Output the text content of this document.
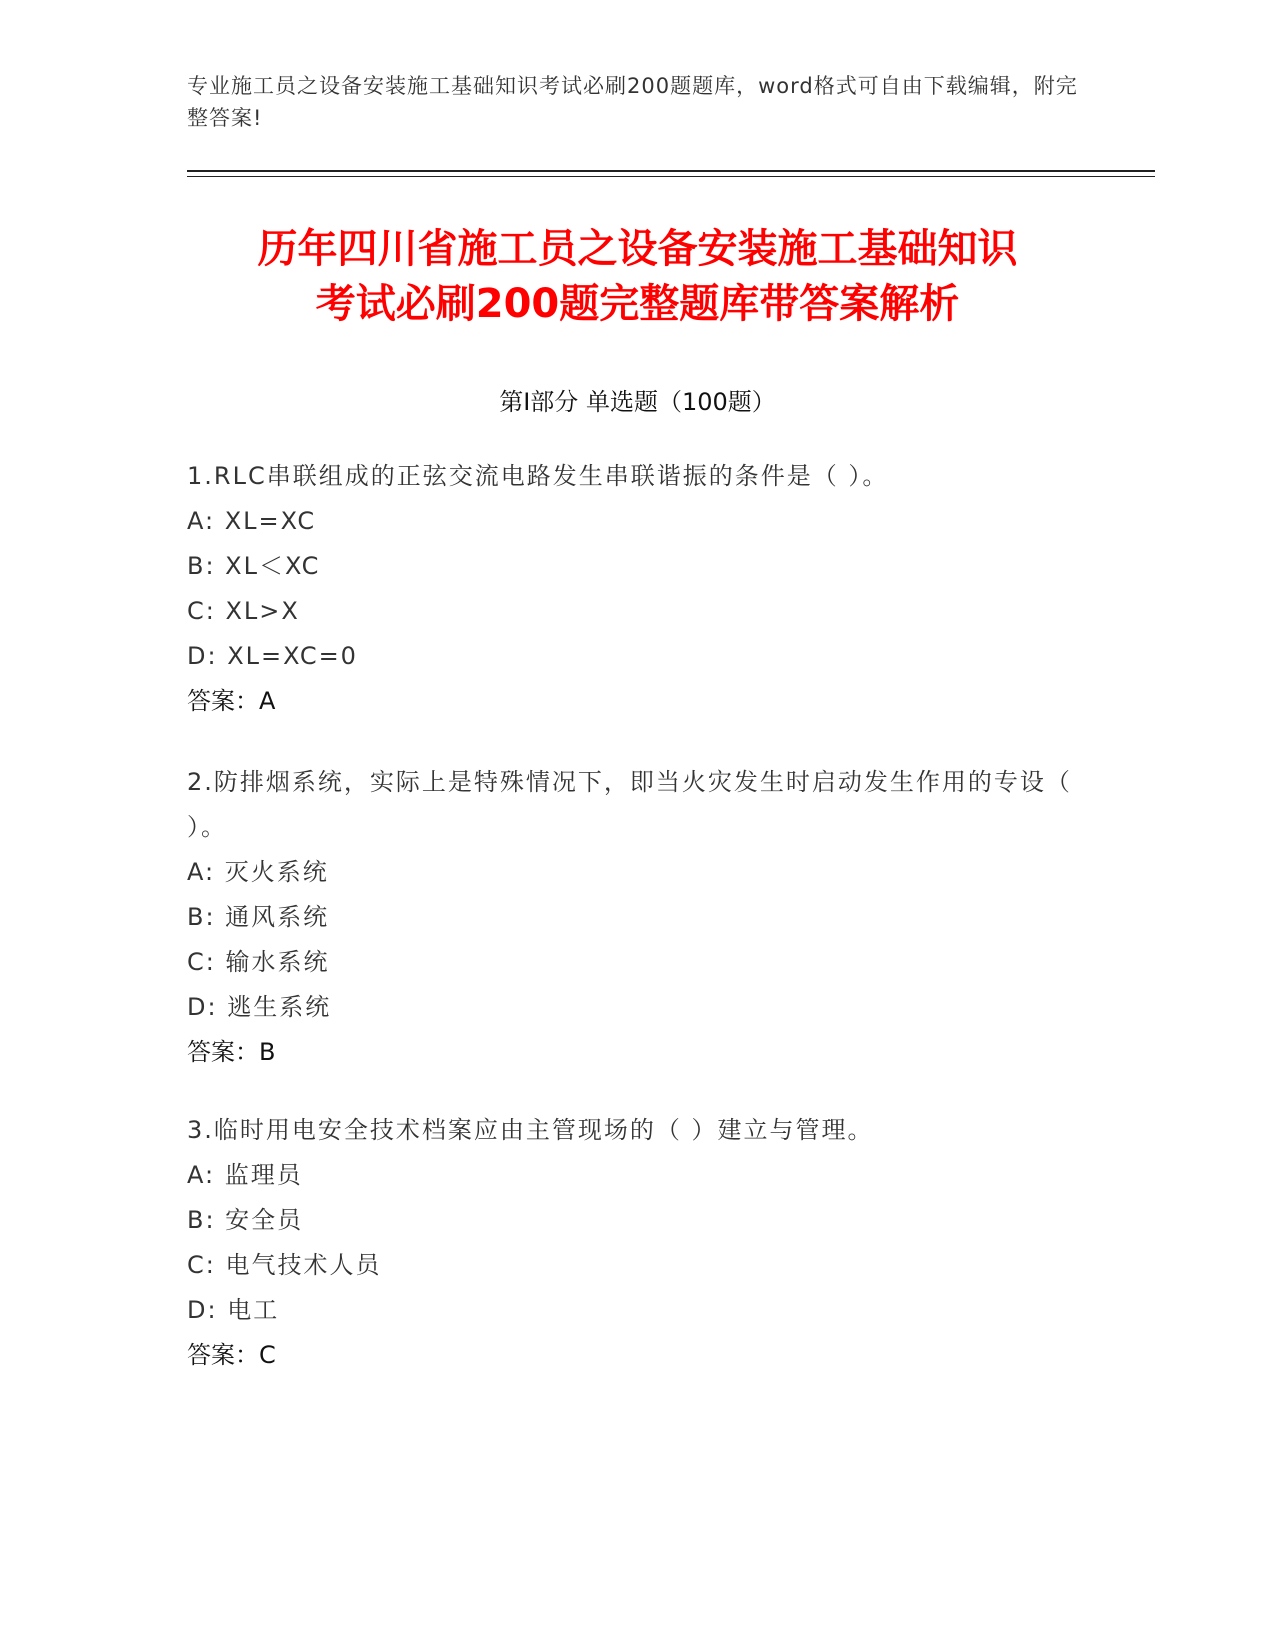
专业施工员之设备安装施工基础知识考试必刷200题题库，word格式可自由下载编辑，附完整答案!
历年四川省施工员之设备安装施工基础知识
考试必刷200题完整题库带答案解析
第Ⅰ部分 单选题（100题）

1.RLC串联组成的正弦交流电路发生串联谐振的条件是（ ）。

A: XL=XC

B: XL＜XC

C: XL>X

D: XL=XC=0

答案：A

2.防排烟系统，实际上是特殊情况下，即当火灾发生时启动发生作用的专设（ ）。

A: 灭火系统

B: 通风系统

C: 输水系统

D: 逃生系统

答案：B

3.临时用电安全技术档案应由主管现场的（ ）建立与管理。

A: 监理员

B: 安全员

C: 电气技术人员

D: 电工

答案：C
